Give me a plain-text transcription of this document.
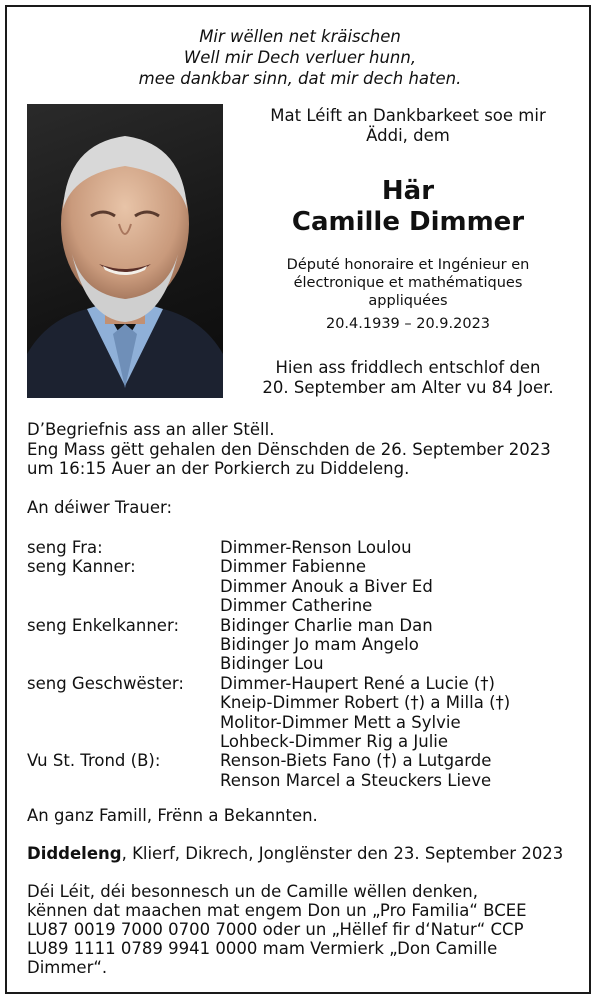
Mir wëllen net kräischen
Well mir Dech verluer hunn,
mee dankbar sinn, dat mir dech haten.
Mat Léift an Dankbarkeet soe mir
Äddi, dem
Här
Camille Dimmer
Député honoraire et Ingénieur en
électronique et mathématiques
appliquées
20.4.1939 – 20.9.2023
Hien ass friddlech entschlof den
20. September am Alter vu 84 Joer.
D’Begriefnis ass an aller Stëll.
Eng Mass gëtt gehalen den Dënschden de 26. September 2023
um 16:15 Auer an der Porkierch zu Diddeleng.
An déiwer Trauer:
seng Fra:	Dimmer-Renson Loulou
seng Kanner:	Dimmer Fabienne
Dimmer Anouk a Biver Ed
Dimmer Catherine
seng Enkelkanner:	Bidinger Charlie man Dan
Bidinger Jo mam Angelo
Bidinger Lou
seng Geschwëster:	Dimmer-Haupert René a Lucie (†)
Kneip-Dimmer Robert (†) a Milla (†)
Molitor-Dimmer Mett a Sylvie
Lohbeck-Dimmer Rig a Julie
Vu St. Trond (B):	Renson-Biets Fano (†) a Lutgarde
Renson Marcel a Steuckers Lieve
An ganz Famill, Frënn a Bekannten.
Diddeleng, Klierf, Dikrech, Jonglënster den 23. September 2023
Déi Léit, déi besonnesch un de Camille wëllen denken,
kënnen dat maachen mat engem Don un „Pro Familia“ BCEE
LU87 0019 7000 0700 7000 oder un „Hëllef fir d‘Natur“ CCP
LU89 1111 0789 9941 0000 mam Vermierk „Don Camille
Dimmer“.
